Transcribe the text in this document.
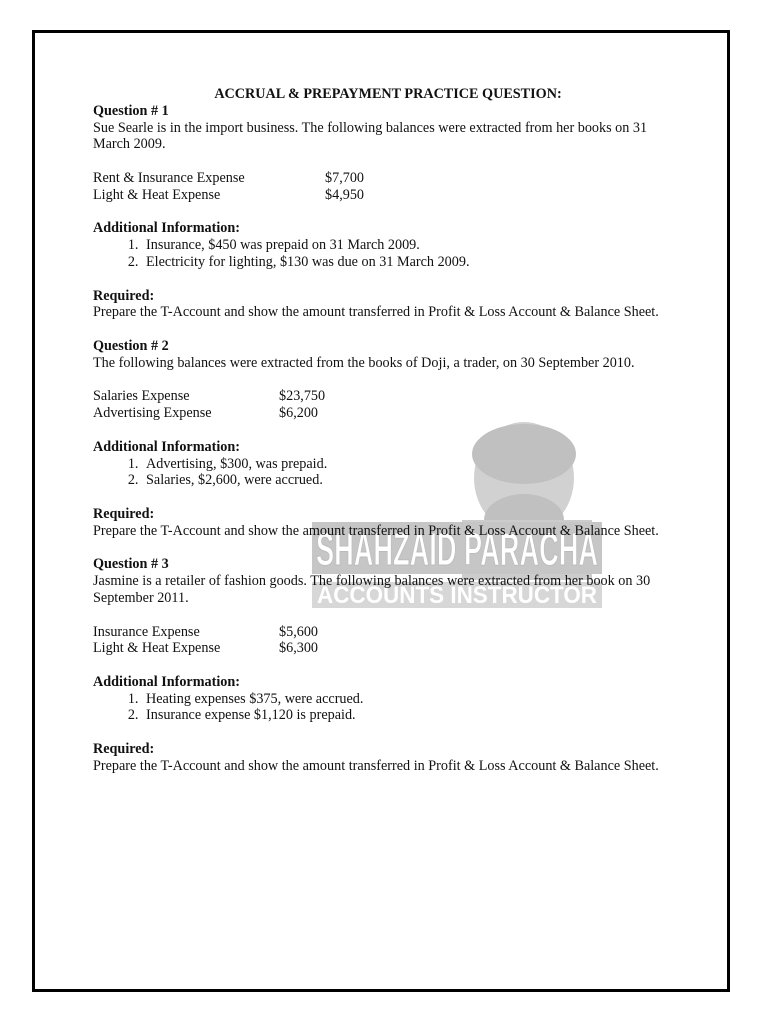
SHAHZAID PARACHA
ACCOUNTS INSTRUCTOR

ACCRUAL & PREPAYMENT PRACTICE QUESTION:

Question # 1

Sue Searle is in the import business. The following balances were extracted from her books on 31 March 2009.

Rent & Insurance Expense	$7,700
Light & Heat Expense	$4,950

Additional Information:

1. Insurance, $450 was prepaid on 31 March 2009.
2. Electricity for lighting, $130 was due on 31 March 2009.

Required:

Prepare the T-Account and show the amount transferred in Profit & Loss Account & Balance Sheet.

Question # 2

The following balances were extracted from the books of Doji, a trader, on 30 September 2010.

Salaries Expense	$23,750
Advertising Expense	$6,200

Additional Information:

1. Advertising, $300, was prepaid.
2. Salaries, $2,600, were accrued.

Required:

Prepare the T-Account and show the amount transferred in Profit & Loss Account & Balance Sheet.

Question # 3

Jasmine is a retailer of fashion goods. The following balances were extracted from her book on 30 September 2011.

Insurance Expense	$5,600
Light & Heat Expense	$6,300

Additional Information:

1. Heating expenses $375, were accrued.
2. Insurance expense $1,120 is prepaid.

Required:

Prepare the T-Account and show the amount transferred in Profit & Loss Account & Balance Sheet.
